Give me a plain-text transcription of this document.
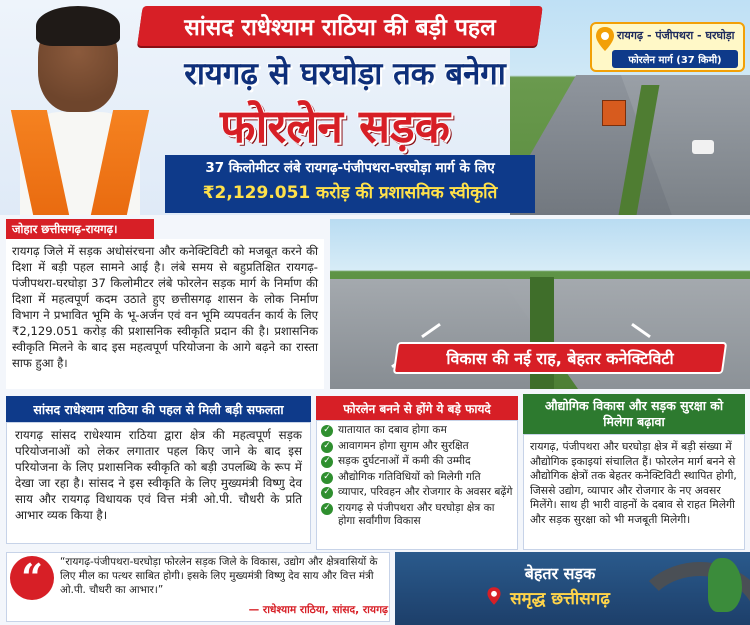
सांसद राधेश्याम राठिया की बड़ी पहल
रायगढ़ से घरघोड़ा तक बनेगा
फोरलेन सड़क
37 किलोमीटर लंबे रायगढ़-पंजीपथरा-घरघोड़ा मार्ग के लिए
₹2,129.051 करोड़ की प्रशासमिक स्वीकृति
रायगढ़ - पंजीपथरा - घरघोड़ा
फोरलेन मार्ग (37 किमी)
जोहार छत्तीसगढ़-रायगढ़।

रायगढ़ जिले में सड़क अधोसंरचना और कनेक्टिविटी को मजबूत करने की दिशा में बड़ी पहल सामने आई है। लंबे समय से बहुप्रतिक्षित रायगढ़-पंजीपथरा-घरघोड़ा 37 किलोमीटर लंबे फोरलेन सड़क मार्ग के निर्माण की दिशा में महत्वपूर्ण कदम उठाते हुए छत्तीसगढ़ शासन के लोक निर्माण विभाग ने प्रभावित भूमि के भू-अर्जन एवं वन भूमि व्यपवर्तन कार्य के लिए ₹2,129.051 करोड़ की प्रशासनिक स्वीकृति प्रदान की है। प्रशासनिक स्वीकृति मिलने के बाद इस महत्वपूर्ण परियोजना के आगे बढ़ने का रास्ता साफ हुआ है।	विकास की नई राह, बेहतर कनेक्टिविटी
सांसद राधेश्याम राठिया की पहल से मिली बड़ी सफलता
रायगढ़ सांसद राधेश्याम राठिया द्वारा क्षेत्र की महत्वपूर्ण सड़क परियोजनाओं को लेकर लगातार पहल किए जाने के बाद इस परियोजना के लिए प्रशासनिक स्वीकृति को बड़ी उपलब्धि के रूप में देखा जा रहा है। सांसद ने इस स्वीकृति के लिए मुख्यमंत्री विष्णु देव साय और रायगढ़ विधायक एवं वित्त मंत्री ओ.पी. चौधरी के प्रति आभार व्यक किया है।
फोरलेन बनने से होंगे ये बड़े फायदे
✓ यातायात का दबाव होगा कम
✓ आवागमन होगा सुगम और सुरक्षित
✓ सड़क दुर्घटनाओं में कमी की उम्मीद
✓ औद्योगिक गतिविधियों को मिलेगी गति
✓ व्यापार, परिवहन और रोजगार के अवसर बढ़ेंगे
✓ रायगढ़ से पंजीपथरा और घरघोड़ा क्षेत्र का होगा सर्वांगीण विकास
औद्योगिक विकास और सड़क सुरक्षा को मिलेगा बढ़ावा
रायगढ़, पंजीपथरा और घरघोड़ा क्षेत्र में बड़ी संख्या में औद्योगिक इकाइयां संचालित हैं। फोरलेन मार्ग बनने से औद्योगिक क्षेत्रों तक बेहतर कनेक्टिविटी स्थापित होगी, जिससे उद्योग, व्यापार और रोजगार के नए अवसर मिलेंगे। साथ ही भारी वाहनों के दबाव से राहत मिलेगी और सड़क सुरक्षा को भी मजबूती मिलेगी।
“	“रायगढ़-पंजीपथरा-घरघोड़ा फोरलेन सड़क जिले के विकास, उद्योग और क्षेत्रवासियों के लिए मील का पत्थर साबित होगी। इसके लिए मुख्यमंत्री विष्णु देव साय और वित्त मंत्री ओ.पी. चौधरी का आभार।”
— राधेश्याम राठिया, सांसद, रायगढ़
बेहतर सड़क
समृद्ध छत्तीसगढ़
